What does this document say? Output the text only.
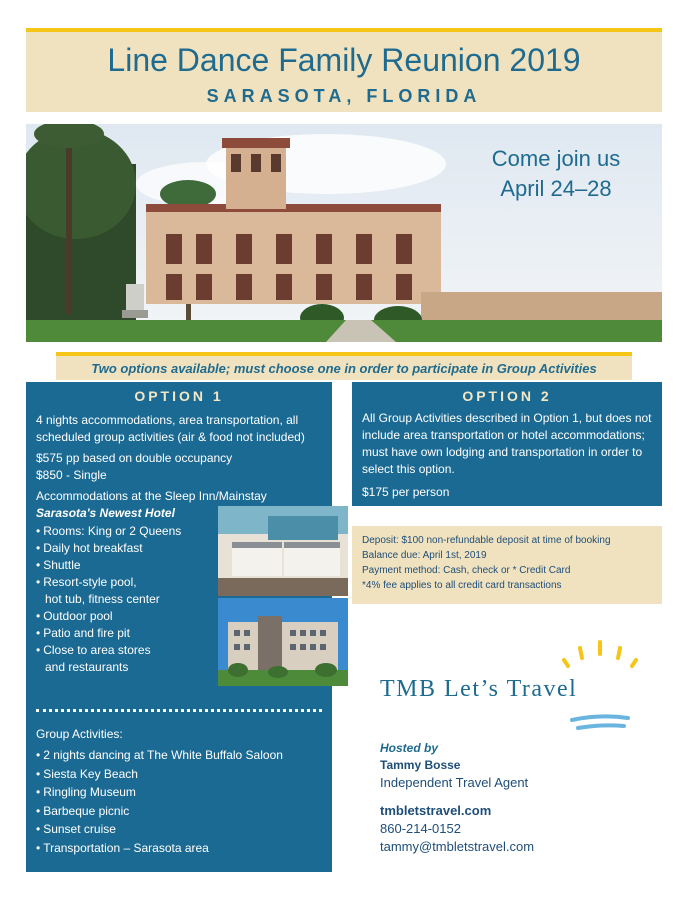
Line Dance Family Reunion 2019
SARASOTA, FLORIDA
Come join us
April 24–28
Two options available; must choose one in order to participate in Group Activities
OPTION 1

4 nights accommodations, area transportation, all scheduled group activities (air & food not included)

$575 pp based on double occupancy

$850 - Single

Accommodations at the Sleep Inn/Mainstay

Sarasota's Newest Hotel

• Rooms: King or 2 Queens
• Daily hot breakfast
• Shuttle
• Resort-style pool,
hot tub, fitness center
• Outdoor pool
• Patio and fire pit
• Close to area stores
and restaurants

Group Activities:

• 2 nights dancing at The White Buffalo Saloon
• Siesta Key Beach
• Ringling Museum
• Barbeque picnic
• Sunset cruise
• Transportation – Sarasota area
OPTION 2

All Group Activities described in Option 1, but does not include area transportation or hotel accommodations; must have own lodging and transportation in order to select this option.

$175 per person

Deposit: $100 non-refundable deposit at time of booking

Balance due: April 1st, 2019

Payment method: Cash, check or * Credit Card

*4% fee applies to all credit card transactions

TMB Let’s Travel
Hosted by
Tammy Bosse
Independent Travel Agent
tmbletstravel.com
860-214-0152
tammy@tmbletstravel.com
